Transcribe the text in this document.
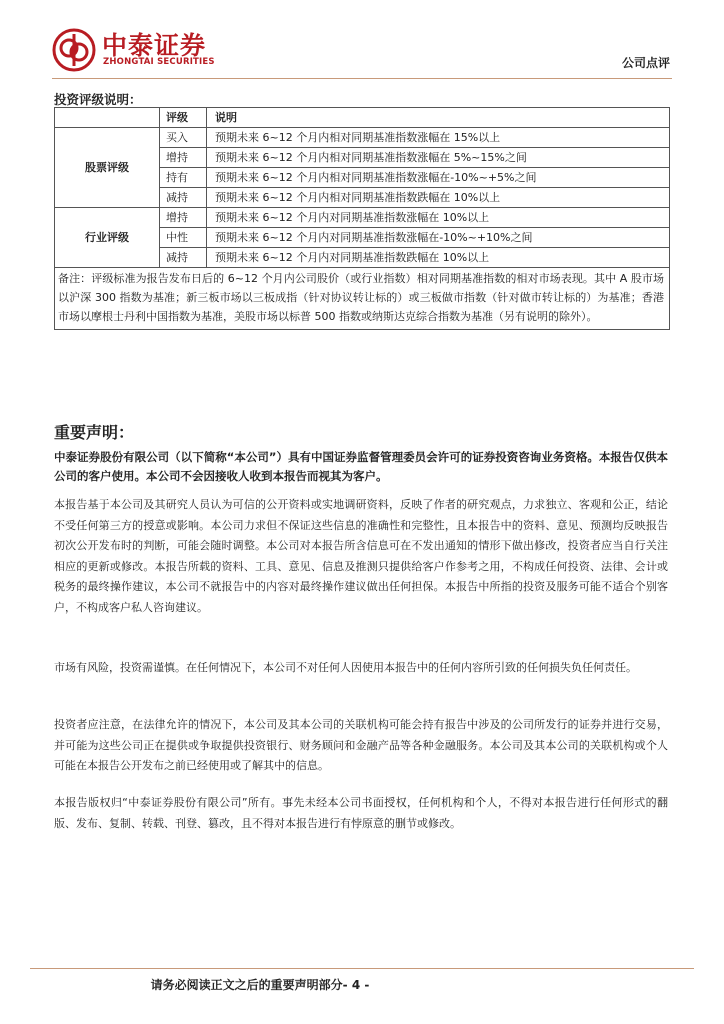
中泰证券
ZHONGTAI SECURITIES	公司点评
投资评级说明：
	评级	说明
股票评级	买入	预期未来 6~12 个月内相对同期基准指数涨幅在 15%以上
	增持	预期未来 6~12 个月内相对同期基准指数涨幅在 5%~15%之间
	持有	预期未来 6~12 个月内相对同期基准指数涨幅在-10%~+5%之间
	减持	预期未来 6~12 个月内相对同期基准指数跌幅在 10%以上
行业评级	增持	预期未来 6~12 个月内对同期基准指数涨幅在 10%以上
	中性	预期未来 6~12 个月内对同期基准指数涨幅在-10%~+10%之间
	减持	预期未来 6~12 个月内对同期基准指数跌幅在 10%以上
备注：评级标准为报告发布日后的 6~12 个月内公司股价（或行业指数）相对同期基准指数的相对市场表现。其中 A 股市场以沪深 300 指数为基准；新三板市场以三板成指（针对协议转让标的）或三板做市指数（针对做市转让标的）为基准；香港市场以摩根士丹利中国指数为基准，美股市场以标普 500 指数或纳斯达克综合指数为基准（另有说明的除外）。		
重要声明：
中泰证券股份有限公司（以下简称“本公司”）具有中国证券监督管理委员会许可的证券投资咨询业务资格。本报告仅供本公司的客户使用。本公司不会因接收人收到本报告而视其为客户。
本报告基于本公司及其研究人员认为可信的公开资料或实地调研资料，反映了作者的研究观点，力求独立、客观和公正，结论不受任何第三方的授意或影响。本公司力求但不保证这些信息的准确性和完整性，且本报告中的资料、意见、预测均反映报告初次公开发布时的判断，可能会随时调整。本公司对本报告所含信息可在不发出通知的情形下做出修改，投资者应当自行关注相应的更新或修改。本报告所载的资料、工具、意见、信息及推测只提供给客户作参考之用，不构成任何投资、法律、会计或税务的最终操作建议，本公司不就报告中的内容对最终操作建议做出任何担保。本报告中所指的投资及服务可能不适合个别客户，不构成客户私人咨询建议。
市场有风险，投资需谨慎。在任何情况下，本公司不对任何人因使用本报告中的任何内容所引致的任何损失负任何责任。
投资者应注意，在法律允许的情况下，本公司及其本公司的关联机构可能会持有报告中涉及的公司所发行的证券并进行交易，并可能为这些公司正在提供或争取提供投资银行、财务顾问和金融产品等各种金融服务。本公司及其本公司的关联机构或个人可能在本报告公开发布之前已经使用或了解其中的信息。
本报告版权归“中泰证券股份有限公司”所有。事先未经本公司书面授权，任何机构和个人，不得对本报告进行任何形式的翻版、发布、复制、转载、刊登、篡改，且不得对本报告进行有悖原意的删节或修改。
请务必阅读正文之后的重要声明部分- 4 -
